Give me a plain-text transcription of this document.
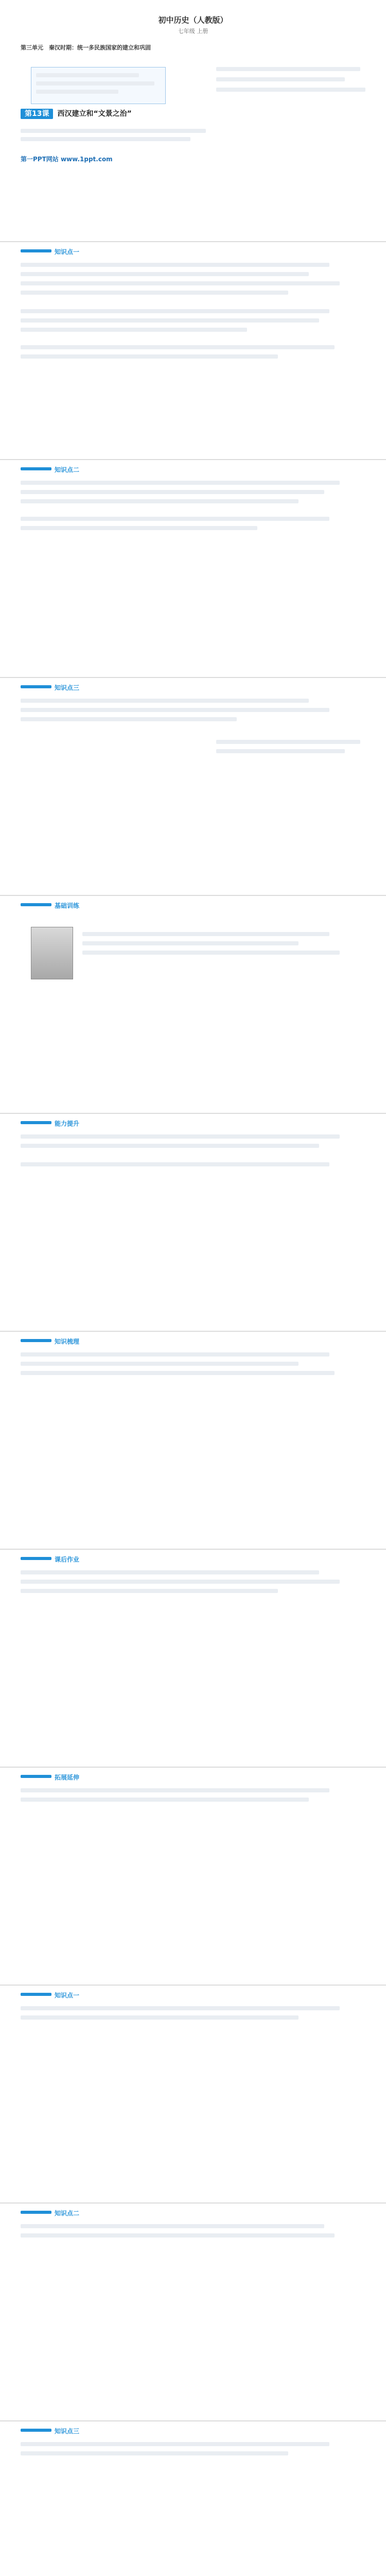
初中历史（人教版）
七年级 上册
第三单元　秦汉时期：统一多民族国家的建立和巩固
第13课 西汉建立和“文景之治”
第一PPT网站 www.1ppt.com
知识点一
知识点二
知识点三
基础训练
能力提升
知识梳理
课后作业
拓展延伸
知识点一
知识点二
知识点三
